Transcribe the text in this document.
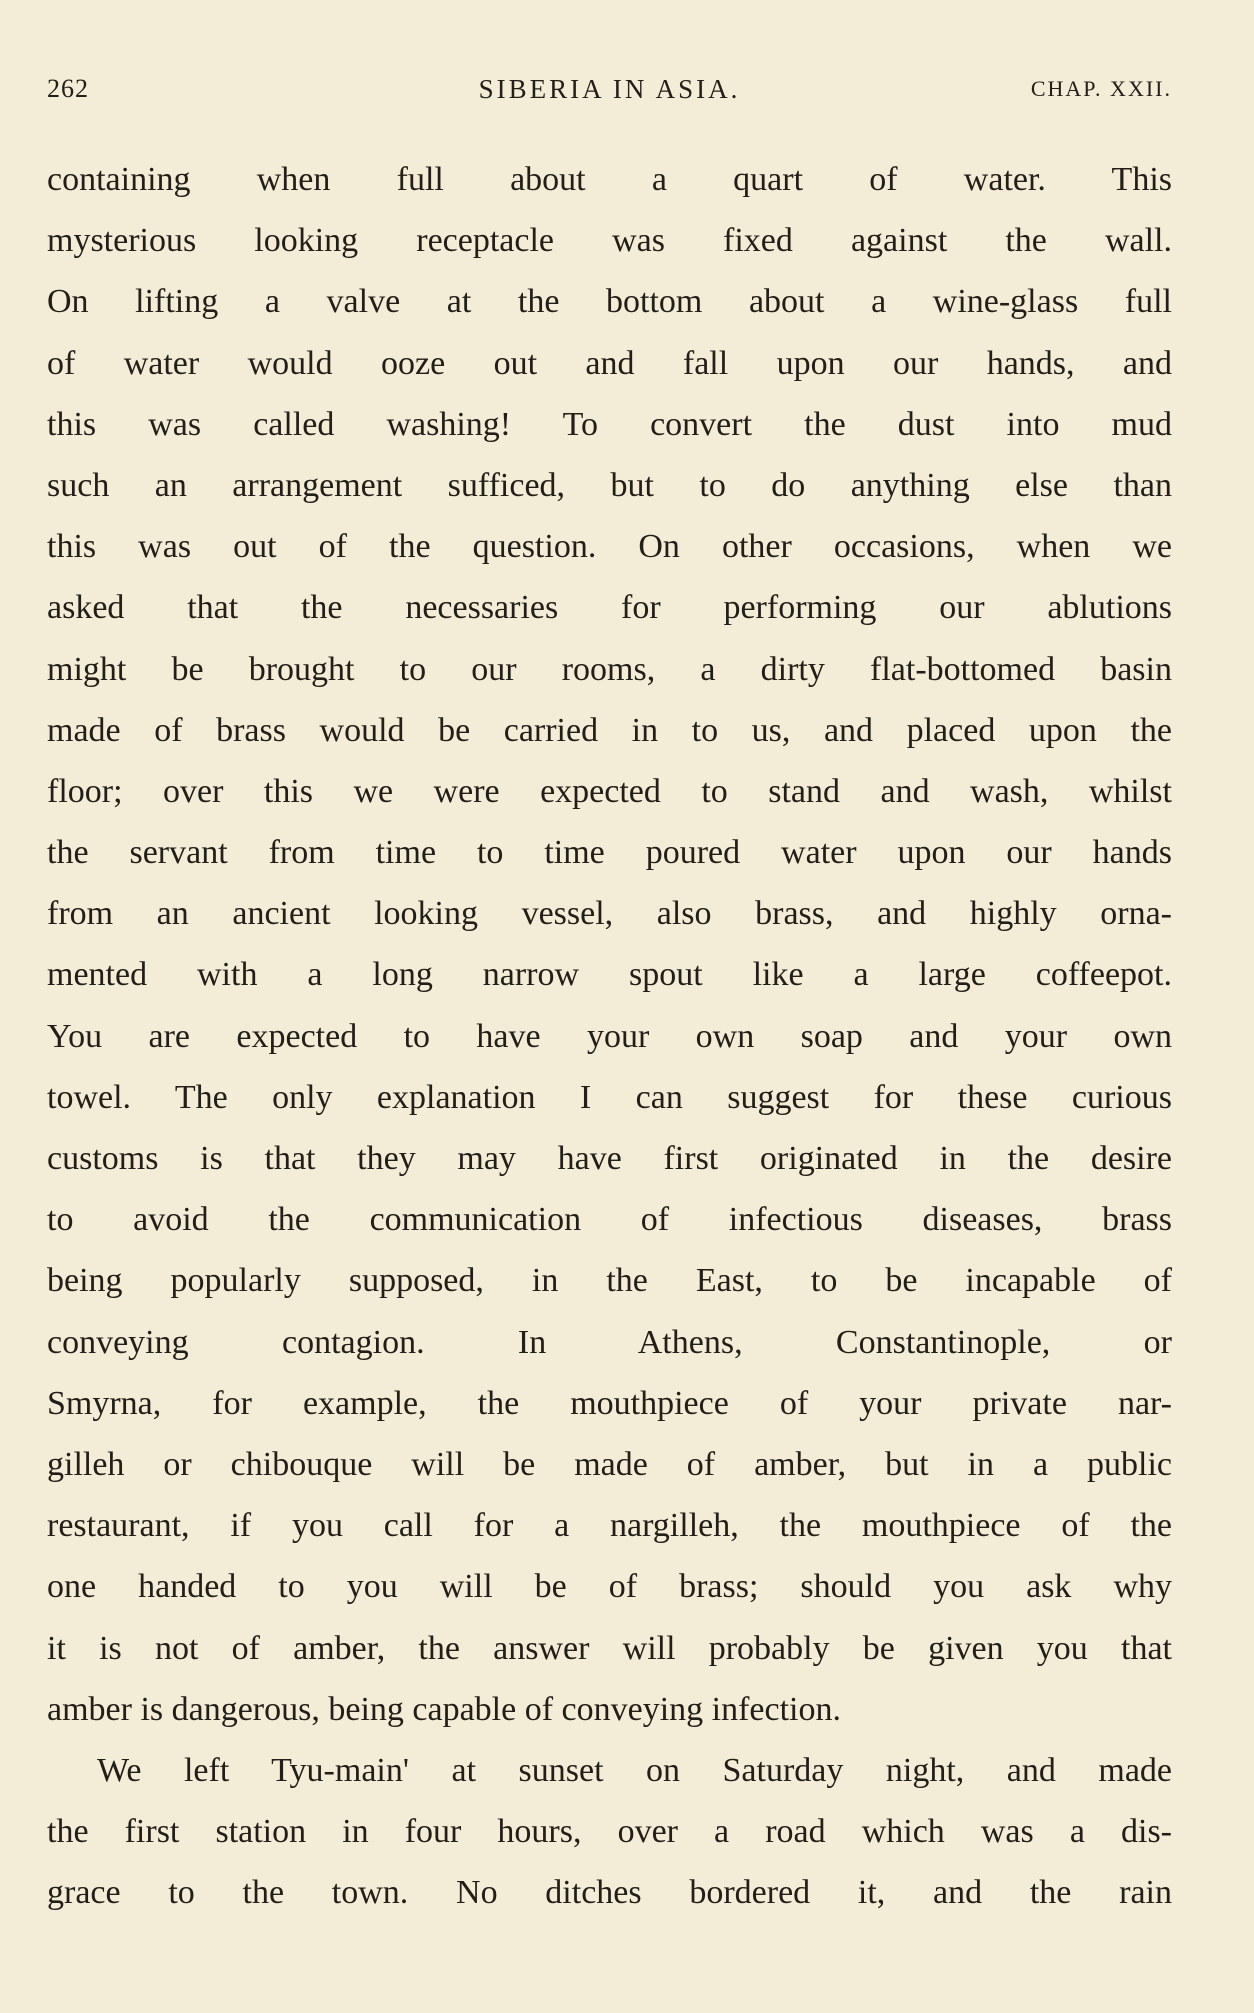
262	SIBERIA IN ASIA.	CHAP. XXII.
containing when full about a quart of water. This
mysterious looking receptacle was fixed against the wall.
On lifting a valve at the bottom about a wine-glass full
of water would ooze out and fall upon our hands, and
this was called washing! To convert the dust into mud
such an arrangement sufficed, but to do anything else than
this was out of the question. On other occasions, when we
asked that the necessaries for performing our ablutions
might be brought to our rooms, a dirty flat-bottomed basin
made of brass would be carried in to us, and placed upon the
floor; over this we were expected to stand and wash, whilst
the servant from time to time poured water upon our hands
from an ancient looking vessel, also brass, and highly orna-
mented with a long narrow spout like a large coffeepot.
You are expected to have your own soap and your own
towel. The only explanation I can suggest for these curious
customs is that they may have first originated in the desire
to avoid the communication of infectious diseases, brass
being popularly supposed, in the East, to be incapable of
conveying contagion. In Athens, Constantinople, or
Smyrna, for example, the mouthpiece of your private nar-
gilleh or chibouque will be made of amber, but in a public
restaurant, if you call for a nargilleh, the mouthpiece of the
one handed to you will be of brass; should you ask why
it is not of amber, the answer will probably be given you that
amber is dangerous, being capable of conveying infection.
We left Tyu-main' at sunset on Saturday night, and made
the first station in four hours, over a road which was a dis-
grace to the town. No ditches bordered it, and the rain
